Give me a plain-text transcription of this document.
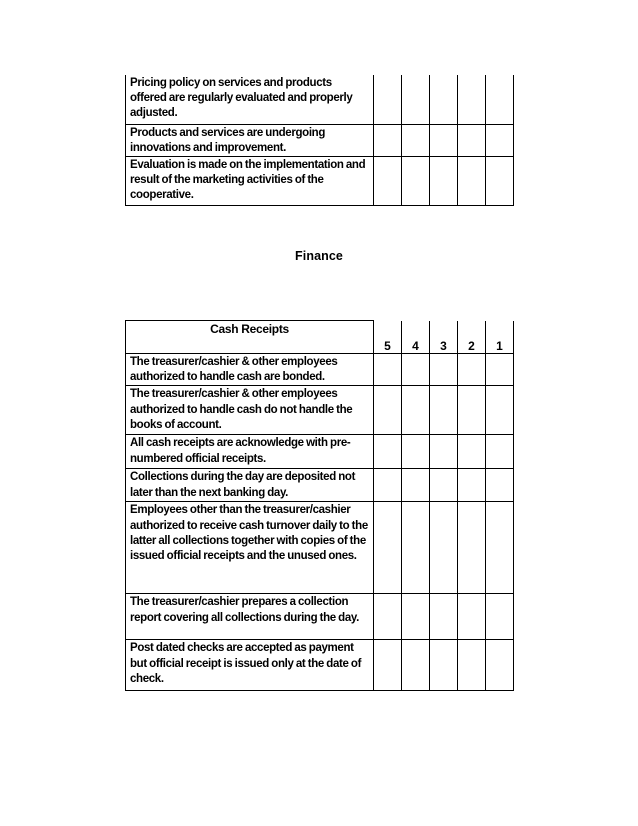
Pricing policy on services and products offered are regularly evaluated and properly adjusted.					
Products and services are undergoing innovations and improvement.					
Evaluation is made on the implementation and result of the marketing activities of the cooperative.					
Finance
Cash Receipts	5	4	3	2	1
The treasurer/cashier & other employees authorized to handle cash are bonded.					
The treasurer/cashier & other employees authorized to handle cash do not handle the books of account.					
All cash receipts are acknowledge with pre-numbered official receipts.					
Collections during the day are deposited not later than the next banking day.					
Employees other than the treasurer/cashier authorized to receive cash turnover daily to the latter all collections together with copies of the issued official receipts and the unused ones.					
The treasurer/cashier prepares a collection report covering all collections during the day.					
Post dated checks are accepted as payment but official receipt is issued only at the date of check.					
